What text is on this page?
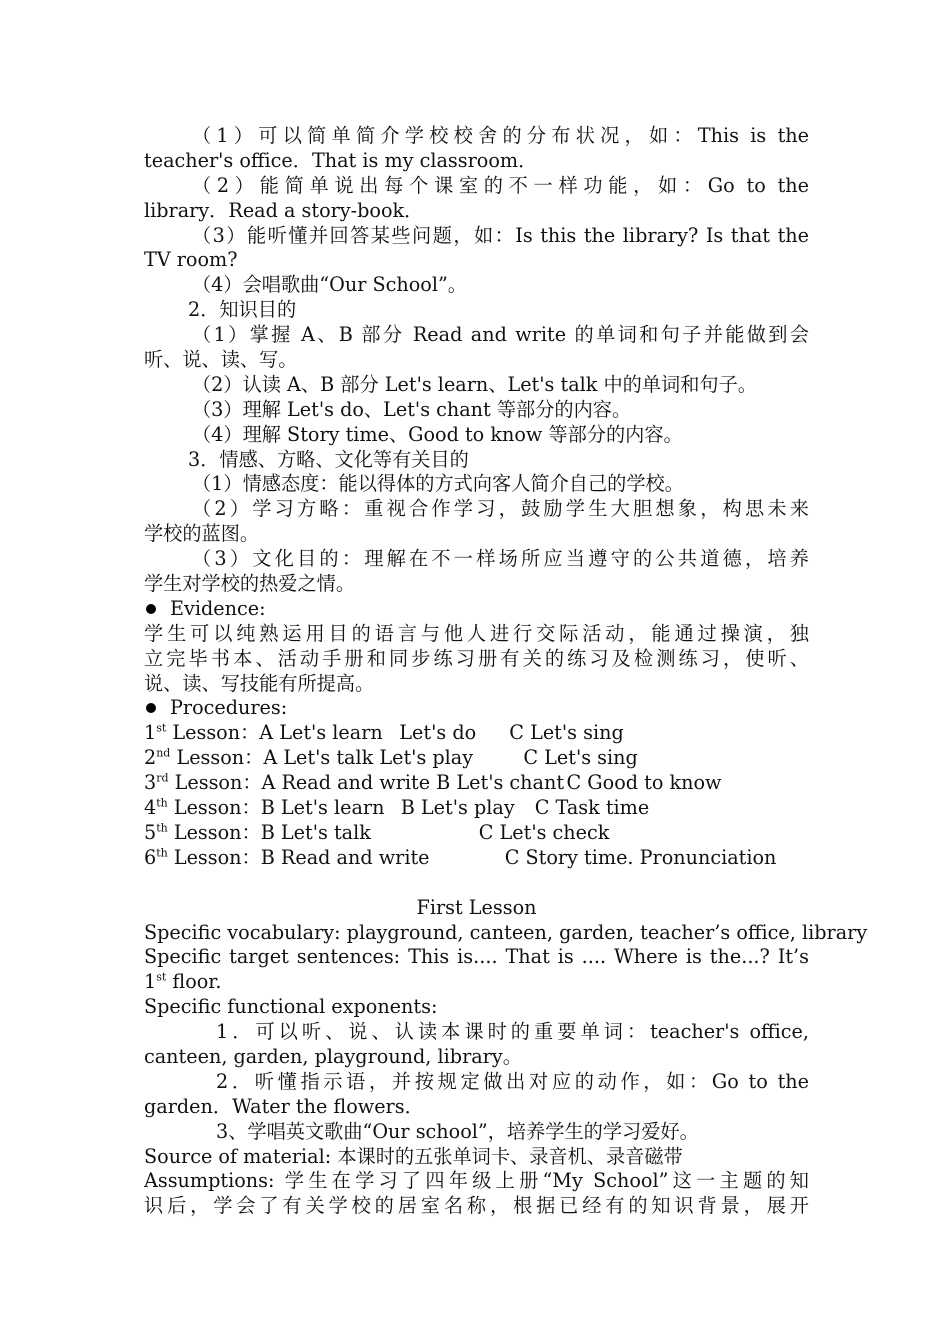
（1）可以简单简介学校校舍的分布状况，如：This is the
teacher's office．That is my classroom．
（2）能简单说出每个课室的不一样功能，如：Go to the
library．Read a story-book．
（3）能听懂并回答某些问题，如：Is this the library? Is that the
TV room?
（4）会唱歌曲“Our School”。
2．知识目的
（1）掌握 A、B 部分 Read and write 的单词和句子并能做到会
听、说、读、写。
（2）认读 A、B 部分 Let's learn、Let's talk 中的单词和句子。
（3）理解 Let's do、Let's chant 等部分的内容。
（4）理解 Story time、Good to know 等部分的内容。
3．情感、方略、文化等有关目的
（1）情感态度：能以得体的方式向客人简介自己的学校。
（2）学习方略：重视合作学习，鼓励学生大胆想象，构思未来
学校的蓝图。
（3）文化目的：理解在不一样场所应当遵守的公共道德，培养
学生对学校的热爱之情。
Evidence:
学生可以纯熟运用目的语言与他人进行交际活动，能通过操演，独
立完毕书本、活动手册和同步练习册有关的练习及检测练习，使听、
说、读、写技能有所提高。
Procedures:
1st Lesson：A Let's learn Let's do C Let's sing
2nd Lesson：A Let's talk Let's play	C Let's sing
3rd Lesson：A Read and write B Let's chant C Good to know
4th Lesson：B Let's learn B Let's play C Task time
5th Lesson：B Let's talk	C Let's check
6th Lesson：B Read and write	C Story time. Pronunciation
First Lesson
Specific vocabulary: playground, canteen, garden, teacher’s office, library
Specific target sentences: This is.... That is .... Where is the...? It’s
1st floor.
Specific functional exponents:
1．可以听、说、认读本课时的重要单词：teacher's office,
canteen, garden, playground, library。
2．听懂指示语，并按规定做出对应的动作，如：Go to the
garden．Water the flowers．
3、学唱英文歌曲“Our school”，培养学生的学习爱好。
Source of material: 本课时的五张单词卡、录音机、录音磁带
Assumptions: 学生在学习了四年级上册“My School”这一主题的知
识后，学会了有关学校的居室名称，根据已经有的知识背景，展开
